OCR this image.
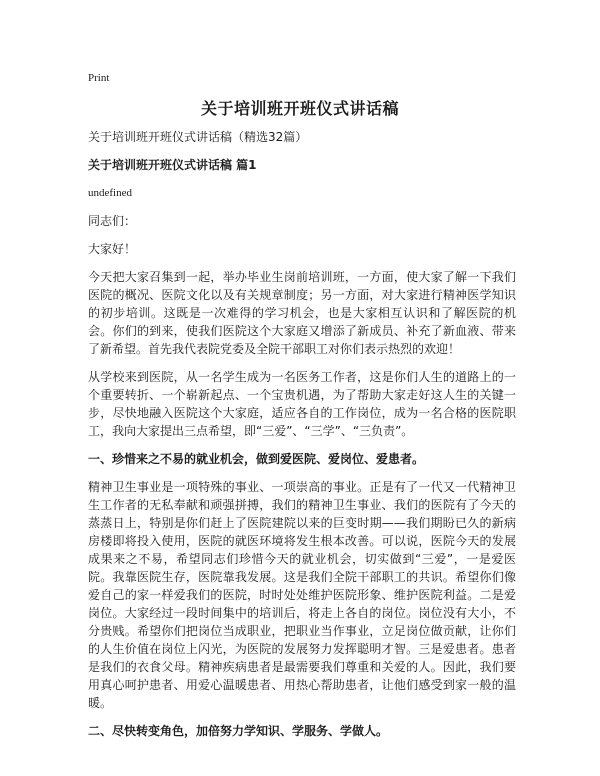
Print
关于培训班开班仪式讲话稿
关于培训班开班仪式讲话稿（精选32篇）
关于培训班开班仪式讲话稿 篇1
undefined
同志们：
大家好！

今天把大家召集到一起，举办毕业生岗前培训班，一方面，使大家了解一下我们医院的概况、医院文化以及有关规章制度；另一方面，对大家进行精神医学知识的初步培训。这既是一次难得的学习机会，也是大家相互认识和了解医院的机会。你们的到来，使我们医院这个大家庭又增添了新成员、补充了新血液、带来了新希望。首先我代表院党委及全院干部职工对你们表示热烈的欢迎！

从学校来到医院，从一名学生成为一名医务工作者，这是你们人生的道路上的一个重要转折、一个崭新起点、一个宝贵机遇，为了帮助大家走好这人生的关键一步，尽快地融入医院这个大家庭，适应各自的工作岗位，成为一名合格的医院职工，我向大家提出三点希望，即“三爱”、“三学”、“三负责”。

一、珍惜来之不易的就业机会，做到爱医院、爱岗位、爱患者。

精神卫生事业是一项特殊的事业、一项崇高的事业。正是有了一代又一代精神卫生工作者的无私奉献和顽强拼搏，我们的精神卫生事业、我们的医院有了今天的蒸蒸日上，特别是你们赶上了医院建院以来的巨变时期——我们期盼已久的新病房楼即将投入使用，医院的就医环境将发生根本改善。可以说，医院今天的发展成果来之不易，希望同志们珍惜今天的就业机会，切实做到“三爱”，一是爱医院。我靠医院生存，医院靠我发展。这是我们全院干部职工的共识。希望你们像爱自己的家一样爱我们的医院，时时处处维护医院形象、维护医院利益。二是爱岗位。大家经过一段时间集中的培训后，将走上各自的岗位。岗位没有大小，不分贵贱。希望你们把岗位当成职业，把职业当作事业，立足岗位做贡献，让你们的人生价值在岗位上闪光，为医院的发展努力发挥聪明才智。三是爱患者。患者是我们的衣食父母。精神疾病患者是最需要我们尊重和关爱的人。因此，我们要用真心呵护患者、用爱心温暖患者、用热心帮助患者，让他们感受到家一般的温暖。

二、尽快转变角色，加倍努力学知识、学服务、学做人。
